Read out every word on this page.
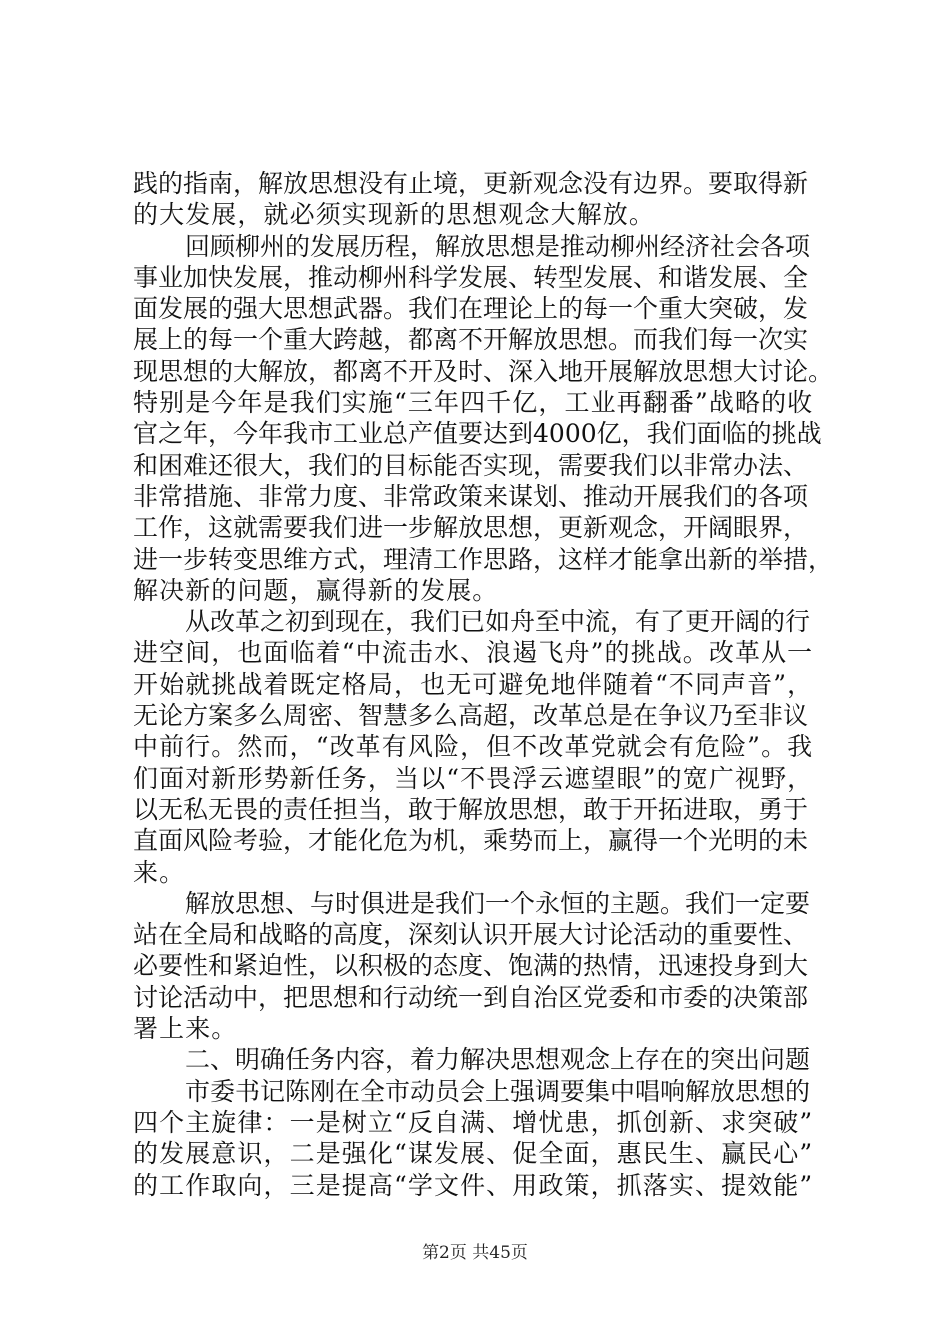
践的指南，解放思想没有止境，更新观念没有边界。要取得新
的大发展，就必须实现新的思想观念大解放。
回顾柳州的发展历程，解放思想是推动柳州经济社会各项
事业加快发展，推动柳州科学发展、转型发展、和谐发展、全
面发展的强大思想武器。我们在理论上的每一个重大突破，发
展上的每一个重大跨越，都离不开解放思想。而我们每一次实
现思想的大解放，都离不开及时、深入地开展解放思想大讨论。
特别是今年是我们实施“三年四千亿，工业再翻番”战略的收
官之年，今年我市工业总产值要达到4000亿，我们面临的挑战
和困难还很大，我们的目标能否实现，需要我们以非常办法、
非常措施、非常力度、非常政策来谋划、推动开展我们的各项
工作，这就需要我们进一步解放思想，更新观念，开阔眼界，
进一步转变思维方式，理清工作思路，这样才能拿出新的举措，
解决新的问题，赢得新的发展。
从改革之初到现在，我们已如舟至中流，有了更开阔的行
进空间，也面临着“中流击水、浪遏飞舟”的挑战。改革从一
开始就挑战着既定格局，也无可避免地伴随着“不同声音”，
无论方案多么周密、智慧多么高超，改革总是在争议乃至非议
中前行。然而，“改革有风险，但不改革党就会有危险”。我
们面对新形势新任务，当以“不畏浮云遮望眼”的宽广视野，
以无私无畏的责任担当，敢于解放思想，敢于开拓进取，勇于
直面风险考验，才能化危为机，乘势而上，赢得一个光明的未
来。
解放思想、与时俱进是我们一个永恒的主题。我们一定要
站在全局和战略的高度，深刻认识开展大讨论活动的重要性、
必要性和紧迫性，以积极的态度、饱满的热情，迅速投身到大
讨论活动中，把思想和行动统一到自治区党委和市委的决策部
署上来。
二、明确任务内容，着力解决思想观念上存在的突出问题
市委书记陈刚在全市动员会上强调要集中唱响解放思想的
四个主旋律：一是树立“反自满、增忧患，抓创新、求突破”
的发展意识，二是强化“谋发展、促全面，惠民生、赢民心”
的工作取向，三是提高“学文件、用政策，抓落实、提效能”
第2页 共45页
